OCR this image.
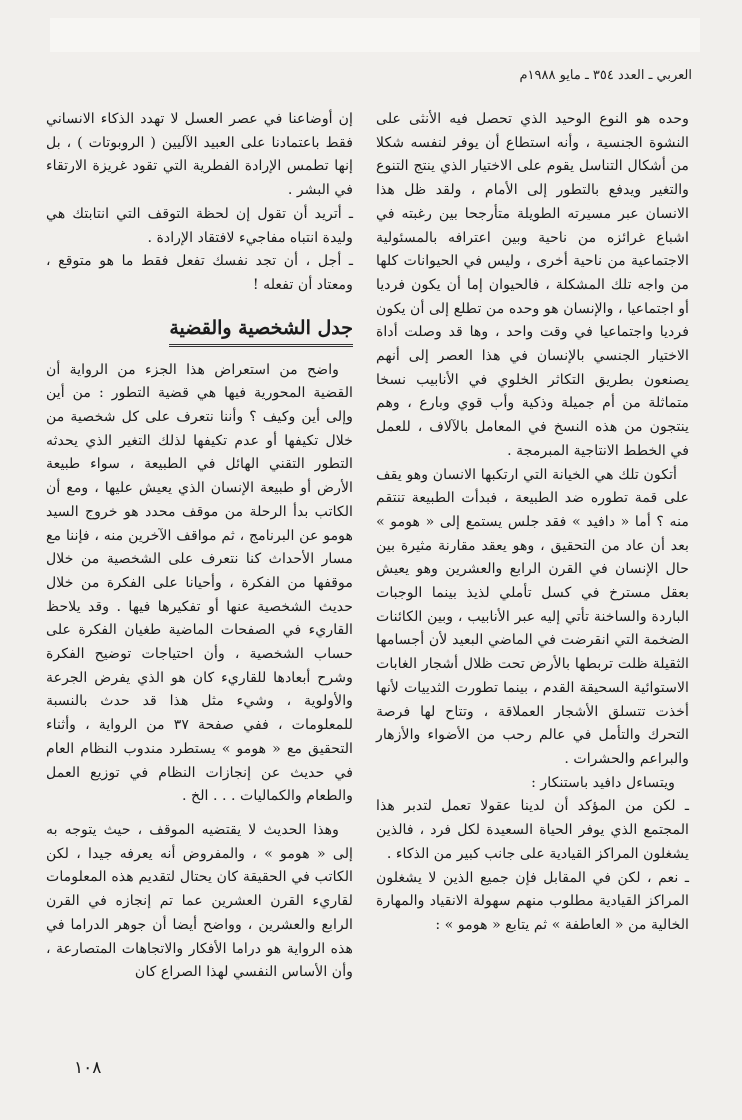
العربي ـ العدد ٣٥٤ ـ مايو ١٩٨٨م

وحده هو النوع الوحيد الذي تحصل فيه الأنثى على النشوة الجنسية ، وأنه استطاع أن يوفر لنفسه شكلا من أشكال التناسل يقوم على الاختيار الذي ينتج التنوع والتغير ويدفع بالتطور إلى الأمام ، ولقد ظل هذا الانسان عبر مسيرته الطويلة متأرجحا بين رغبته في اشباع غرائزه من ناحية وبين اعترافه بالمسئولية الاجتماعية من ناحية أخرى ، وليس في الحيوانات كلها من واجه تلك المشكلة ، فالحيوان إما أن يكون فرديا أو اجتماعيا ، والإنسان هو وحده من تطلع إلى أن يكون فرديا واجتماعيا في وقت واحد ، وها قد وصلت أداة الاختيار الجنسي بالإنسان في هذا العصر إلى أنهم يصنعون بطريق التكاثر الخلوي في الأنابيب نسخا متماثلة من أم جميلة وذكية وأب قوي وبارع ، وهم ينتجون من هذه النسخ في المعامل بالآلاف ، للعمل في الخطط الانتاجية المبرمجة .

أتكون تلك هي الخيانة التي ارتكبها الانسان وهو يقف على قمة تطوره ضد الطبيعة ، فبدأت الطبيعة تنتقم منه ؟ أما « دافيد » فقد جلس يستمع إلى « هومو » بعد أن عاد من التحقيق ، وهو يعقد مقارنة مثيرة بين حال الإنسان في القرن الرابع والعشرين وهو يعيش بعقل مسترخ في كسل تأملي لذيذ بينما الوجبات الباردة والساخنة تأتي إليه عبر الأنابيب ، وبين الكائنات الضخمة التي انقرضت في الماضي البعيد لأن أجسامها الثقيلة ظلت تربطها بالأرض تحت ظلال أشجار الغابات الاستوائية السحيقة القدم ، بينما تطورت الثدييات لأنها أخذت تتسلق الأشجار العملاقة ، وتتاح لها فرصة التحرك والتأمل في عالم رحب من الأضواء والأزهار والبراعم والحشرات .

ويتساءل دافيد باستنكار :

ـ لكن من المؤكد أن لدينا عقولا تعمل لتدبر هذا المجتمع الذي يوفر الحياة السعيدة لكل فرد ، فالذين يشغلون المراكز القيادية على جانب كبير من الذكاء .

ـ نعم ، لكن في المقابل فإن جميع الذين لا يشغلون المراكز القيادية مطلوب منهم سهولة الانقياد والمهارة الخالية من « العاطفة » ثم يتابع « هومو » :

إن أوضاعنا في عصر العسل لا تهدد الذكاء الانساني فقط باعتمادنا على العبيد الآليين ( الروبوتات ) ، بل إنها تطمس الإرادة الفطرية التي تقود غريزة الارتقاء في البشر .

ـ أتريد أن تقول إن لحظة التوقف التي انتابتك هي وليدة انتباه مفاجيء لافتقاد الإرادة .

ـ أجل ، أن تجد نفسك تفعل فقط ما هو متوقع ، ومعتاد أن تفعله !

جدل الشخصية والقضية

واضح من استعراض هذا الجزء من الرواية أن القضية المحورية فيها هي قضية التطور : من أين وإلى أين وكيف ؟ وأننا نتعرف على كل شخصية من خلال تكيفها أو عدم تكيفها لذلك التغير الذي يحدثه التطور التقني الهائل في الطبيعة ، سواء طبيعة الأرض أو طبيعة الإنسان الذي يعيش عليها ، ومع أن الكاتب بدأ الرحلة من موقف محدد هو خروج السيد هومو عن البرنامج ، ثم مواقف الآخرين منه ، فإننا مع مسار الأحداث كنا نتعرف على الشخصية من خلال موقفها من الفكرة ، وأحيانا على الفكرة من خلال حديث الشخصية عنها أو تفكيرها فيها . وقد يلاحظ القاريء في الصفحات الماضية طغيان الفكرة على حساب الشخصية ، وأن احتياجات توضيح الفكرة وشرح أبعادها للقاريء كان هو الذي يفرض الجرعة والأولوية ، وشيء مثل هذا قد حدث بالنسبة للمعلومات ، ففي صفحة ٣٧ من الرواية ، وأثناء التحقيق مع « هومو » يستطرد مندوب النظام العام في حديث عن إنجازات النظام في توزيع العمل والطعام والكماليات . . . الخ .

وهذا الحديث لا يقتضيه الموقف ، حيث يتوجه به إلى « هومو » ، والمفروض أنه يعرفه جيدا ، لكن الكاتب في الحقيقة كان يحتال لتقديم هذه المعلومات لقاريء القرن العشرين عما تم إنجازه في القرن الرابع والعشرين ، وواضح أيضا أن جوهر الدراما في هذه الرواية هو دراما الأفكار والاتجاهات المتصارعة ، وأن الأساس النفسي لهذا الصراع كان

١٠٨
